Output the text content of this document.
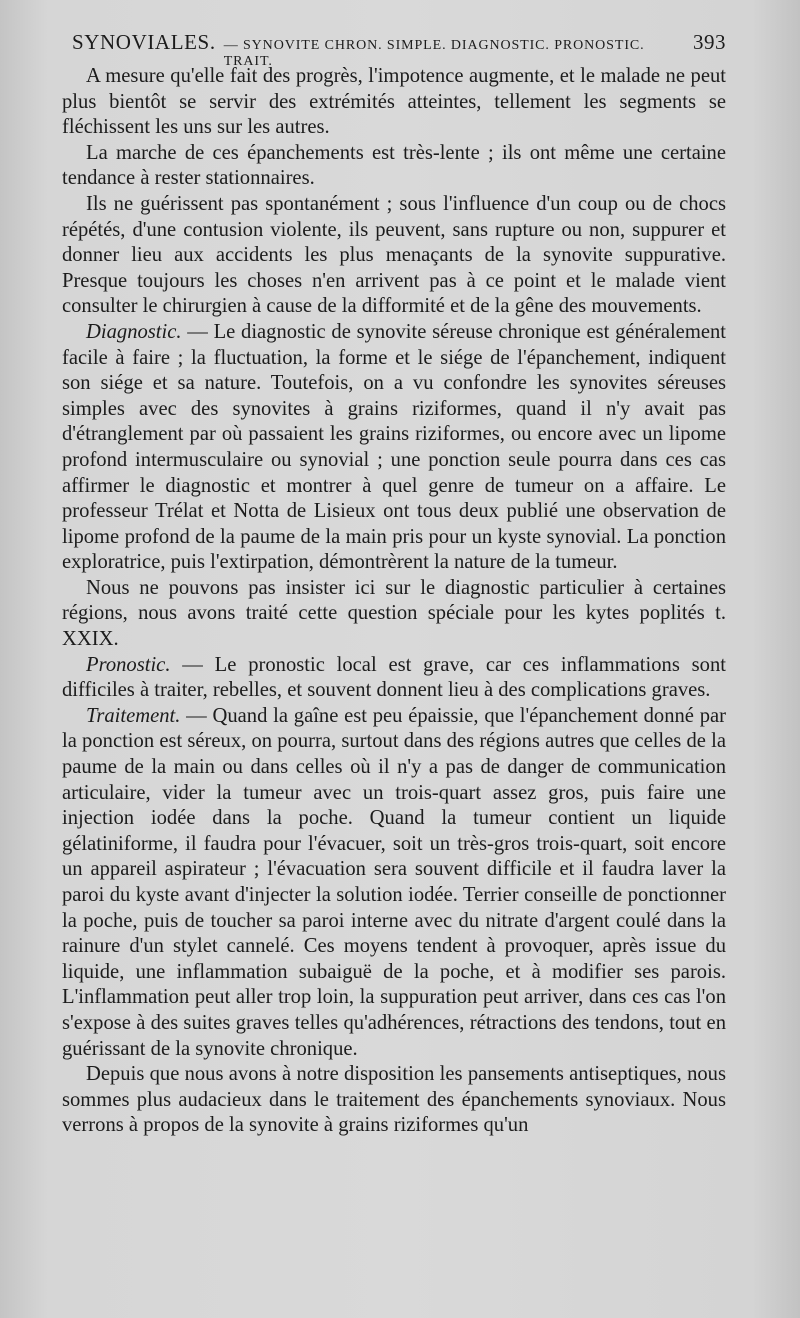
SYNOVIALES. — SYNOVITE CHRON. SIMPLE. DIAGNOSTIC. PRONOSTIC. TRAIT.
393

A mesure qu'elle fait des progrès, l'impotence augmente, et le malade ne peut plus bientôt se servir des extrémités atteintes, tellement les segments se fléchissent les uns sur les autres.

La marche de ces épanchements est très-lente ; ils ont même une certaine tendance à rester stationnaires.

Ils ne guérissent pas spontanément ; sous l'influence d'un coup ou de chocs répétés, d'une contusion violente, ils peuvent, sans rupture ou non, suppurer et donner lieu aux accidents les plus menaçants de la synovite suppurative. Presque toujours les choses n'en arrivent pas à ce point et le malade vient consulter le chirurgien à cause de la difformité et de la gêne des mouvements.

Diagnostic. — Le diagnostic de synovite séreuse chronique est généralement facile à faire ; la fluctuation, la forme et le siége de l'épanchement, indiquent son siége et sa nature. Toutefois, on a vu confondre les synovites séreuses simples avec des synovites à grains riziformes, quand il n'y avait pas d'étranglement par où passaient les grains riziformes, ou encore avec un lipome profond intermusculaire ou synovial ; une ponction seule pourra dans ces cas affirmer le diagnostic et montrer à quel genre de tumeur on a affaire. Le professeur Trélat et Notta de Lisieux ont tous deux publié une observation de lipome profond de la paume de la main pris pour un kyste synovial. La ponction exploratrice, puis l'extirpation, démontrèrent la nature de la tumeur.

Nous ne pouvons pas insister ici sur le diagnostic particulier à certaines régions, nous avons traité cette question spéciale pour les kytes poplités t. XXIX.

Pronostic. — Le pronostic local est grave, car ces inflammations sont difficiles à traiter, rebelles, et souvent donnent lieu à des complications graves.

Traitement. — Quand la gaîne est peu épaissie, que l'épanchement donné par la ponction est séreux, on pourra, surtout dans des régions autres que celles de la paume de la main ou dans celles où il n'y a pas de danger de communication articulaire, vider la tumeur avec un trois-quart assez gros, puis faire une injection iodée dans la poche. Quand la tumeur contient un liquide gélatiniforme, il faudra pour l'évacuer, soit un très-gros trois-quart, soit encore un appareil aspirateur ; l'évacuation sera souvent difficile et il faudra laver la paroi du kyste avant d'injecter la solution iodée. Terrier conseille de ponctionner la poche, puis de toucher sa paroi interne avec du nitrate d'argent coulé dans la rainure d'un stylet cannelé. Ces moyens tendent à provoquer, après issue du liquide, une inflammation subaiguë de la poche, et à modifier ses parois. L'inflammation peut aller trop loin, la suppuration peut arriver, dans ces cas l'on s'expose à des suites graves telles qu'adhérences, rétractions des tendons, tout en guérissant de la synovite chronique.

Depuis que nous avons à notre disposition les pansements antiseptiques, nous sommes plus audacieux dans le traitement des épanchements synoviaux. Nous verrons à propos de la synovite à grains riziformes qu'un
